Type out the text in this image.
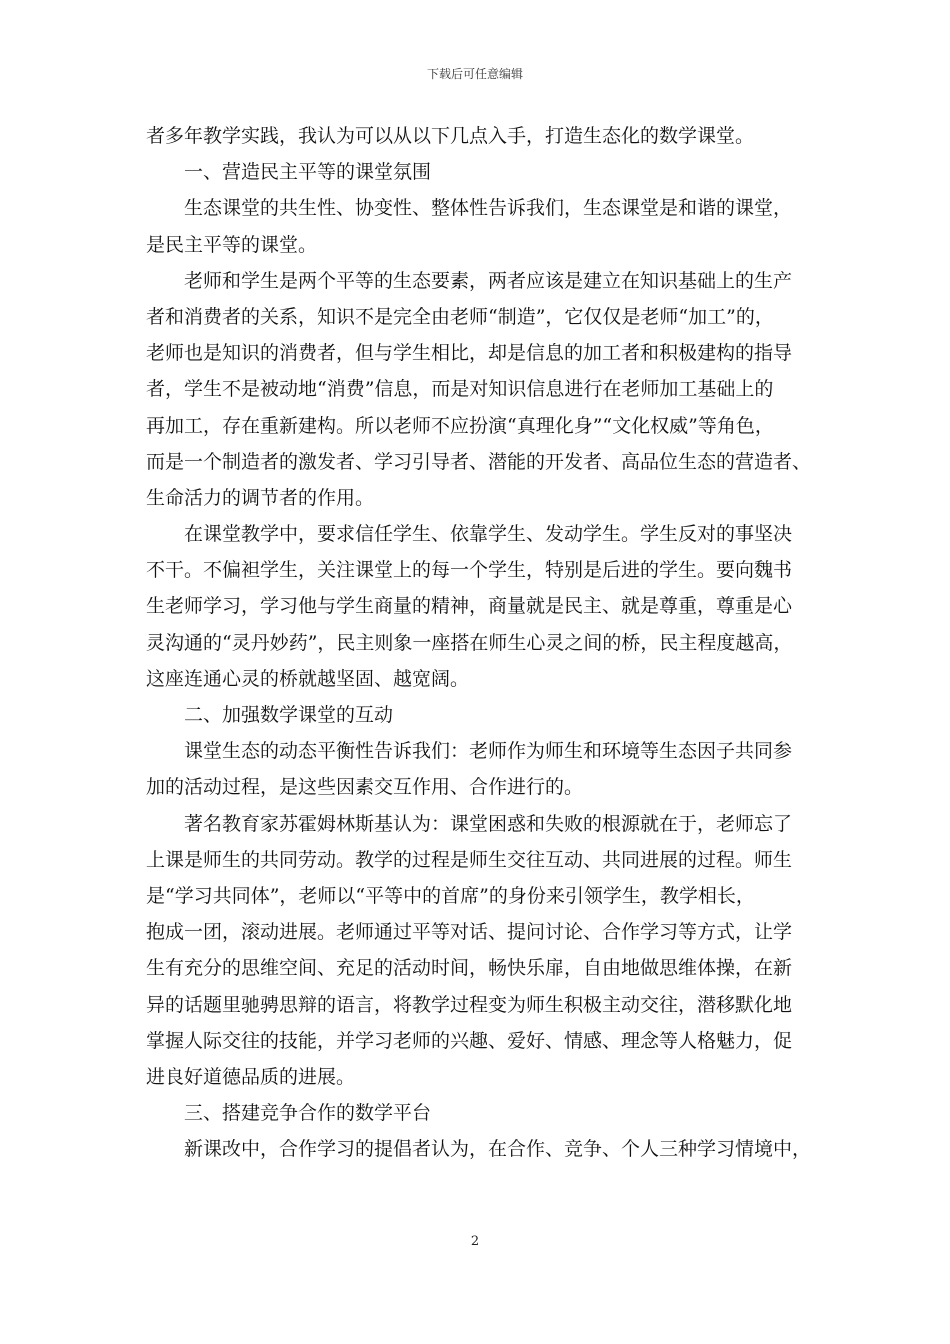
下载后可任意编辑
者多年教学实践，我认为可以从以下几点入手，打造生态化的数学课堂。
一、营造民主平等的课堂氛围
生态课堂的共生性、协变性、整体性告诉我们，生态课堂是和谐的课堂，
是民主平等的课堂。
老师和学生是两个平等的生态要素，两者应该是建立在知识基础上的生产
者和消费者的关系，知识不是完全由老师“制造”，它仅仅是老师“加工”的，
老师也是知识的消费者，但与学生相比，却是信息的加工者和积极建构的指导
者，学生不是被动地“消费”信息，而是对知识信息进行在老师加工基础上的
再加工，存在重新建构。所以老师不应扮演“真理化身”“文化权威”等角色，
而是一个制造者的激发者、学习引导者、潜能的开发者、高品位生态的营造者、
生命活力的调节者的作用。
在课堂教学中，要求信任学生、依靠学生、发动学生。学生反对的事坚决
不干。不偏袒学生，关注课堂上的每一个学生，特别是后进的学生。要向魏书
生老师学习，学习他与学生商量的精神，商量就是民主、就是尊重，尊重是心
灵沟通的“灵丹妙药”，民主则象一座搭在师生心灵之间的桥，民主程度越高，
这座连通心灵的桥就越坚固、越宽阔。
二、加强数学课堂的互动
课堂生态的动态平衡性告诉我们：老师作为师生和环境等生态因子共同参
加的活动过程，是这些因素交互作用、合作进行的。
著名教育家苏霍姆林斯基认为：课堂困惑和失败的根源就在于，老师忘了
上课是师生的共同劳动。教学的过程是师生交往互动、共同进展的过程。师生
是“学习共同体”，老师以“平等中的首席”的身份来引领学生，教学相长，
抱成一团，滚动进展。老师通过平等对话、提问讨论、合作学习等方式，让学
生有充分的思维空间、充足的活动时间，畅快乐扉，自由地做思维体操，在新
异的话题里驰骋思辩的语言，将教学过程变为师生积极主动交往，潜移默化地
掌握人际交往的技能，并学习老师的兴趣、爱好、情感、理念等人格魅力，促
进良好道德品质的进展。
三、搭建竞争合作的数学平台
新课改中，合作学习的提倡者认为，在合作、竞争、个人三种学习情境中，
2
